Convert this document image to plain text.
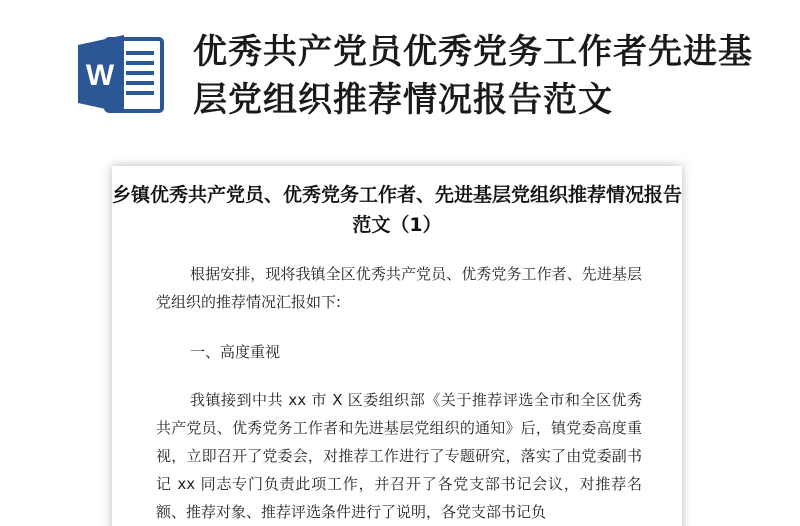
W
优秀共产党员优秀党务工作者先进基层党组织推荐情况报告范文
乡镇优秀共产党员、优秀党务工作者、先进基层党组织推荐情况报告范文（1）

根据安排，现将我镇全区优秀共产党员、优秀党务工作者、先进基层党组织的推荐情况汇报如下:

一、高度重视

我镇接到中共 xx 市 X 区委组织部《关于推荐评选全市和全区优秀共产党员、优秀党务工作者和先进基层党组织的通知》后，镇党委高度重视，立即召开了党委会，对推荐工作进行了专题研究，落实了由党委副书记 xx 同志专门负责此项工作，并召开了各党支部书记会议，对推荐名额、推荐对象、推荐评选条件进行了说明，各党支部书记负
